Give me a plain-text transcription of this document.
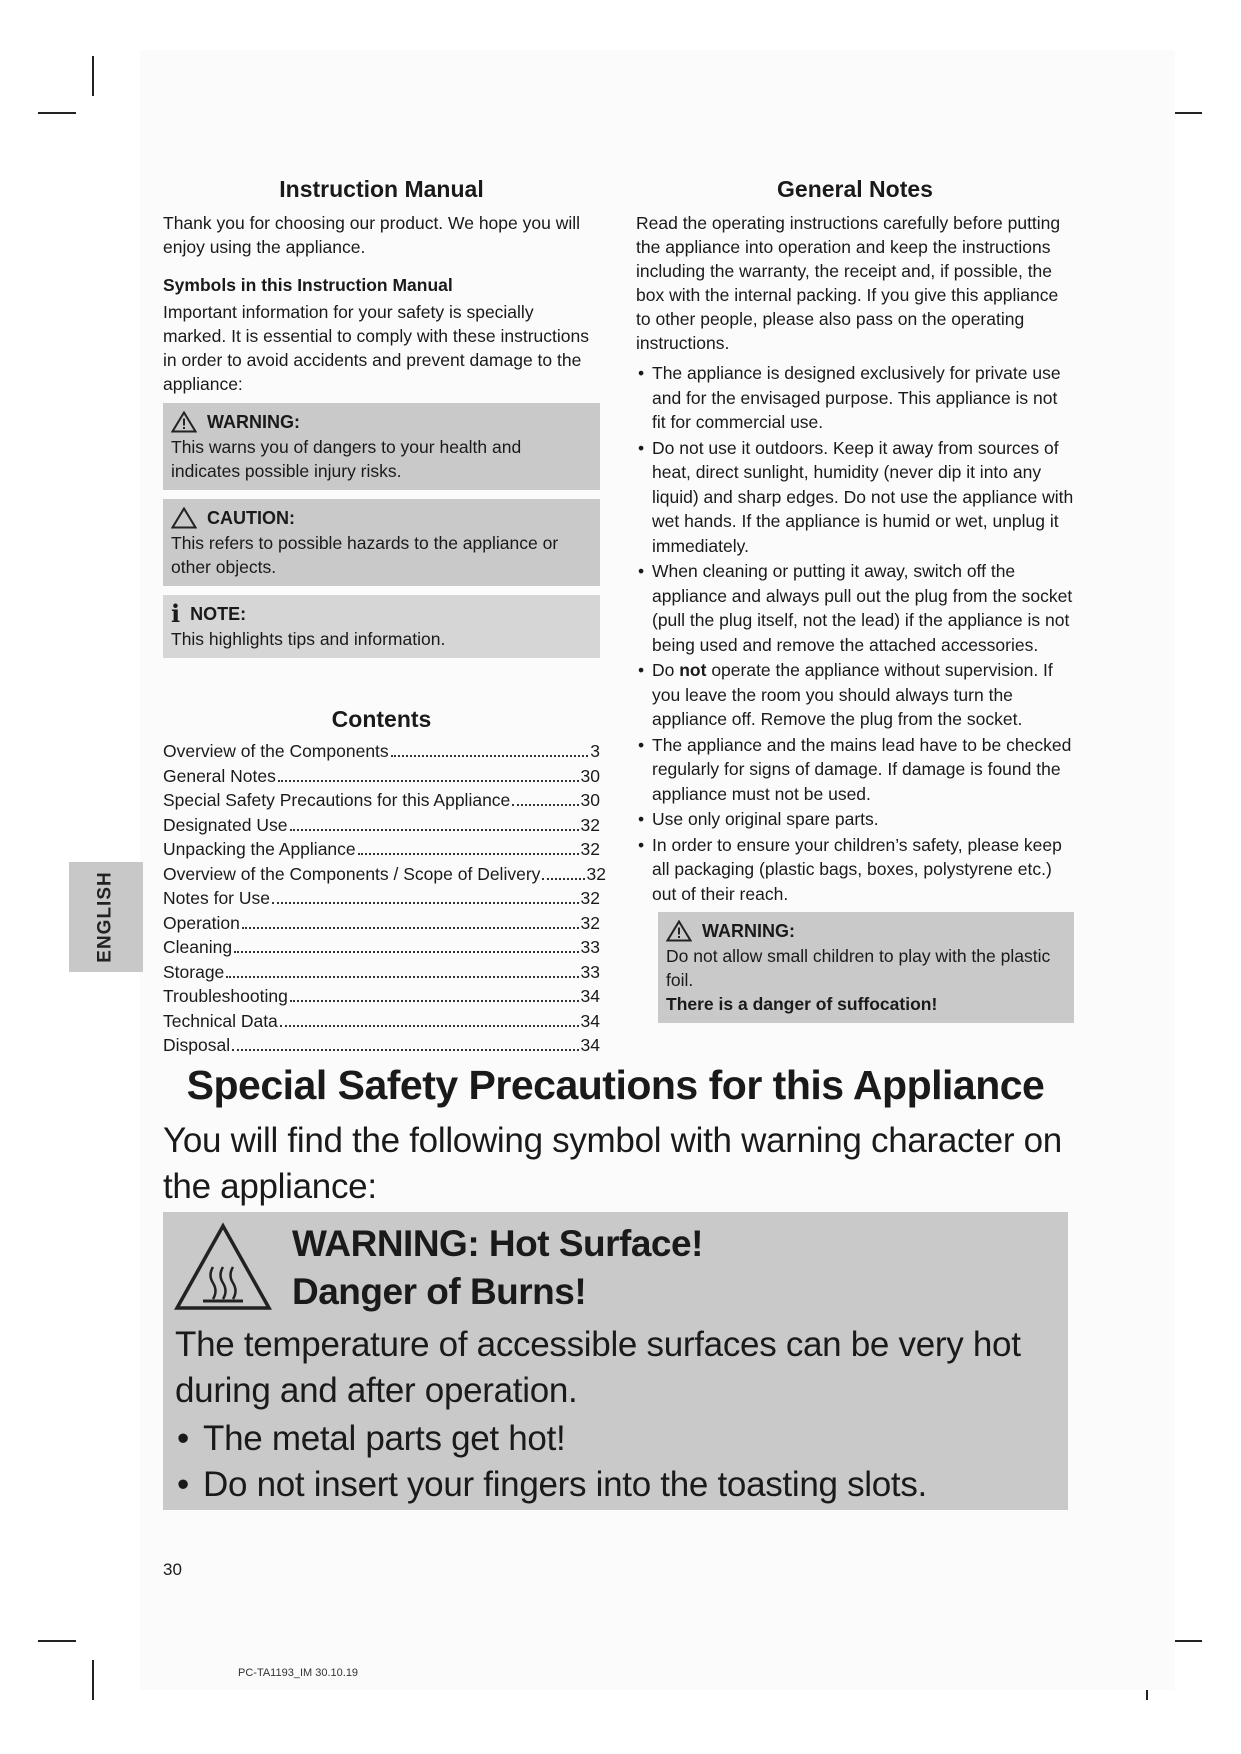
ENGLISH
Instruction Manual

Thank you for choosing our product. We hope you will enjoy using the appliance.

Symbols in this Instruction Manual

Important information for your safety is specially marked. It is essential to comply with these instructions in order to avoid accidents and prevent damage to the appliance:

WARNING:

This warns you of dangers to your health and indicates possible injury risks.

CAUTION:

This refers to possible hazards to the appliance or other objects.

i NOTE:

This highlights tips and information.

Contents
Overview of the Components	3
General Notes	30
Special Safety Precautions for this Appliance	30
Designated Use	32
Unpacking the Appliance	32
Overview of the Components / Scope of Delivery	32
Notes for Use	32
Operation	32
Cleaning	33
Storage	33
Troubleshooting	34
Technical Data	34
Disposal	34
General Notes

Read the operating instructions carefully before putting the appliance into operation and keep the instructions including the warranty, the receipt and, if possible, the box with the internal packing. If you give this appliance to other people, please also pass on the operating instructions.

• The appliance is designed exclusively for private use and for the envisaged purpose. This appliance is not fit for commercial use.
• Do not use it outdoors. Keep it away from sources of heat, direct sunlight, humidity (never dip it into any liquid) and sharp edges. Do not use the appliance with wet hands. If the appliance is humid or wet, unplug it immediately.
• When cleaning or putting it away, switch off the appliance and always pull out the plug from the socket (pull the plug itself, not the lead) if the appliance is not being used and remove the attached accessories.
• Do not operate the appliance without supervision. If you leave the room you should always turn the appliance off. Remove the plug from the socket.
• The appliance and the mains lead have to be checked regularly for signs of damage. If damage is found the appliance must not be used.
• Use only original spare parts.
• In order to ensure your children’s safety, please keep all packaging (plastic bags, boxes, polystyrene etc.) out of their reach.
WARNING:

Do not allow small children to play with the plastic foil.

There is a danger of suffocation!

Special Safety Precautions for this Appliance
You will find the following symbol with warning character on the appliance:
WARNING: Hot Surface!
Danger of Burns!

The temperature of accessible surfaces can be very hot during and after operation.

• The metal parts get hot!
• Do not insert your fingers into the toasting slots.
30
PC-TA1193_IM 30.10.19
